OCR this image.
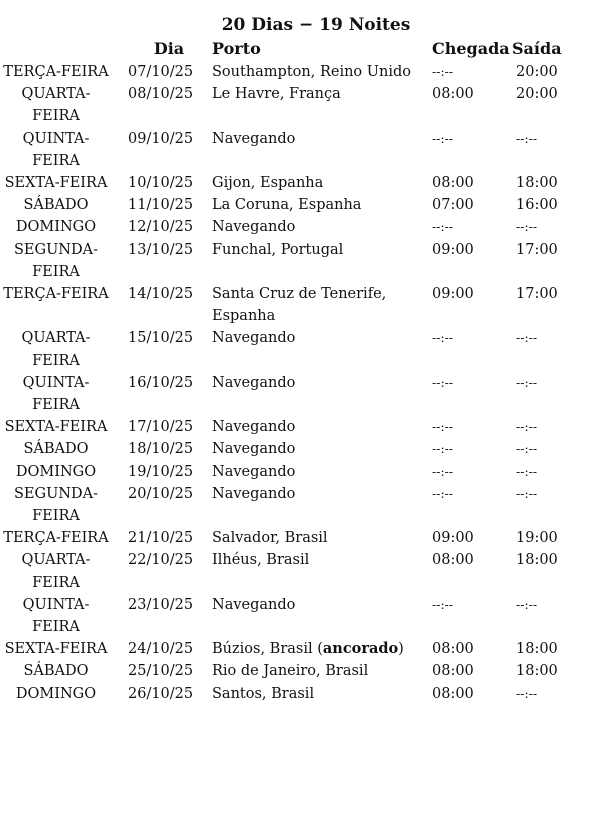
20 Dias − 19 Noites
	Dia	Porto	Chegada	Saída
TERÇA-FEIRA	07/10/25	Southampton, Reino Unido	--:--	20:00
QUARTA-FEIRA	08/10/25	Le Havre, França	08:00	20:00
QUINTA-FEIRA	09/10/25	Navegando	--:--	--:--
SEXTA-FEIRA	10/10/25	Gijon, Espanha	08:00	18:00
SÁBADO	11/10/25	La Coruna, Espanha	07:00	16:00
DOMINGO	12/10/25	Navegando	--:--	--:--
SEGUNDA-FEIRA	13/10/25	Funchal, Portugal	09:00	17:00
TERÇA-FEIRA	14/10/25	Santa Cruz de Tenerife, Espanha	09:00	17:00
QUARTA-FEIRA	15/10/25	Navegando	--:--	--:--
QUINTA-FEIRA	16/10/25	Navegando	--:--	--:--
SEXTA-FEIRA	17/10/25	Navegando	--:--	--:--
SÁBADO	18/10/25	Navegando	--:--	--:--
DOMINGO	19/10/25	Navegando	--:--	--:--
SEGUNDA-FEIRA	20/10/25	Navegando	--:--	--:--
TERÇA-FEIRA	21/10/25	Salvador, Brasil	09:00	19:00
QUARTA-FEIRA	22/10/25	Ilhéus, Brasil	08:00	18:00
QUINTA-FEIRA	23/10/25	Navegando	--:--	--:--
SEXTA-FEIRA	24/10/25	Búzios, Brasil (ancorado)	08:00	18:00
SÁBADO	25/10/25	Rio de Janeiro, Brasil	08:00	18:00
DOMINGO	26/10/25	Santos, Brasil	08:00	--:--
